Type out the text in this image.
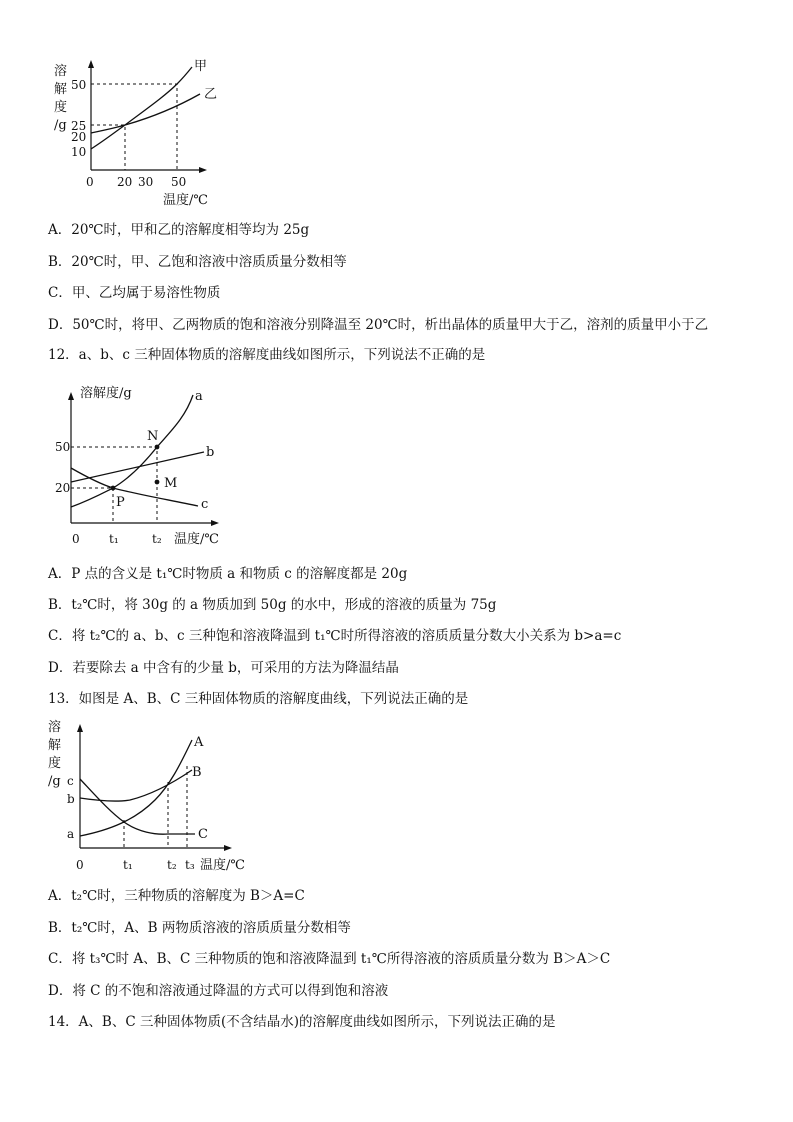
溶
解
度
/g
50
25
20
10
0 20 30 50
温度/℃
甲
乙
A．20℃时，甲和乙的溶解度相等均为 25g
B．20℃时，甲、乙饱和溶液中溶质质量分数相等
C．甲、乙均属于易溶性物质
D．50℃时，将甲、乙两物质的饱和溶液分别降温至 20℃时，析出晶体的质量甲大于乙，溶剂的质量甲小于乙
12．a、b、c 三种固体物质的溶解度曲线如图所示，下列说法不正确的是
溶解度/g
50
20
0 t₁	t₂ 温度/℃
a
b
c
N
M
P
A．P 点的含义是 t₁℃时物质 a 和物质 c 的溶解度都是 20g
B．t₂℃时，将 30g 的 a 物质加到 50g 的水中，形成的溶液的质量为 75g
C．将 t₂℃的 a、b、c 三种饱和溶液降温到 t₁℃时所得溶液的溶质质量分数大小关系为 b>a=c
D．若要除去 a 中含有的少量 b，可采用的方法为降温结晶
13．如图是 A、B、C 三种固体物质的溶解度曲线，下列说法正确的是
溶
解
度
/g c
b
a
0	t₁	t₂ t₃ 温度/℃
A
B
C
A．t₂℃时，三种物质的溶解度为 B＞A=C
B．t₂℃时，A、B 两物质溶液的溶质质量分数相等
C．将 t₃℃时 A、B、C 三种物质的饱和溶液降温到 t₁℃所得溶液的溶质质量分数为 B＞A＞C
D．将 C 的不饱和溶液通过降温的方式可以得到饱和溶液
14．A、B、C 三种固体物质(不含结晶水)的溶解度曲线如图所示，下列说法正确的是
